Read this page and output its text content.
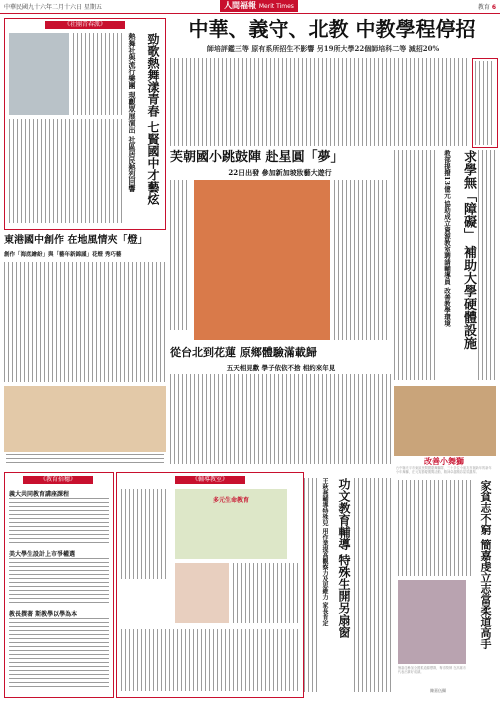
中華民國九十六年二月十六日 星期五	人間福報 Merit Times	教育 6
《社團青春派》
勁歌熱舞漾青春 七賢國中才藝炫
熱舞社與流行樂團 現觀眾展演出 社區居民熱烈回響
中華、義守、北教 中教學程停招
師培評鑑三等 原有系所招生不影響 另19所大學22個師培科二等 減招20%
芙朝國小跳鼓陣 赴星圓「夢」
22日出發 參加新加坡妝藝大遊行	求學無「障礙」 補助大學硬體設施
教部提撥13億元 協助成立資源教室聘請輔導員 改善教學環境
東港國中創作 在地風情夾「燈」
創作「海底繪紛」與「藝年新錦謹」花燈 秀巧藝
從台北到花蓮 原鄉體驗滿載歸
五天相見歡 學子依依不捨 相約來年見
改善小舞獅
台中縣光平市東區民間國慶舞獅隊，三十多位小朋友首創新年的新年小年舞獅，在元宵節慶期間活動，精神卓越精彩氣氛濃厚。
《教育拾穗》
義大共同教育講座課程
美大學生設計上市爭權選
教長撰著 斯教學以學為本
《輔導教室》
多元生命教育	功文教育輔導 特殊生開另扇窗
王秋燕輔導特殊兒 用作業提高觀察力及思維力 家長肯定	家貧志不窮 簡嘉虔立志當柔道高手
簡嘉虔參加全國柔道錦標賽，奪得獎牌 在高雄市代表出賽好成績。
陳嘉伍攝
